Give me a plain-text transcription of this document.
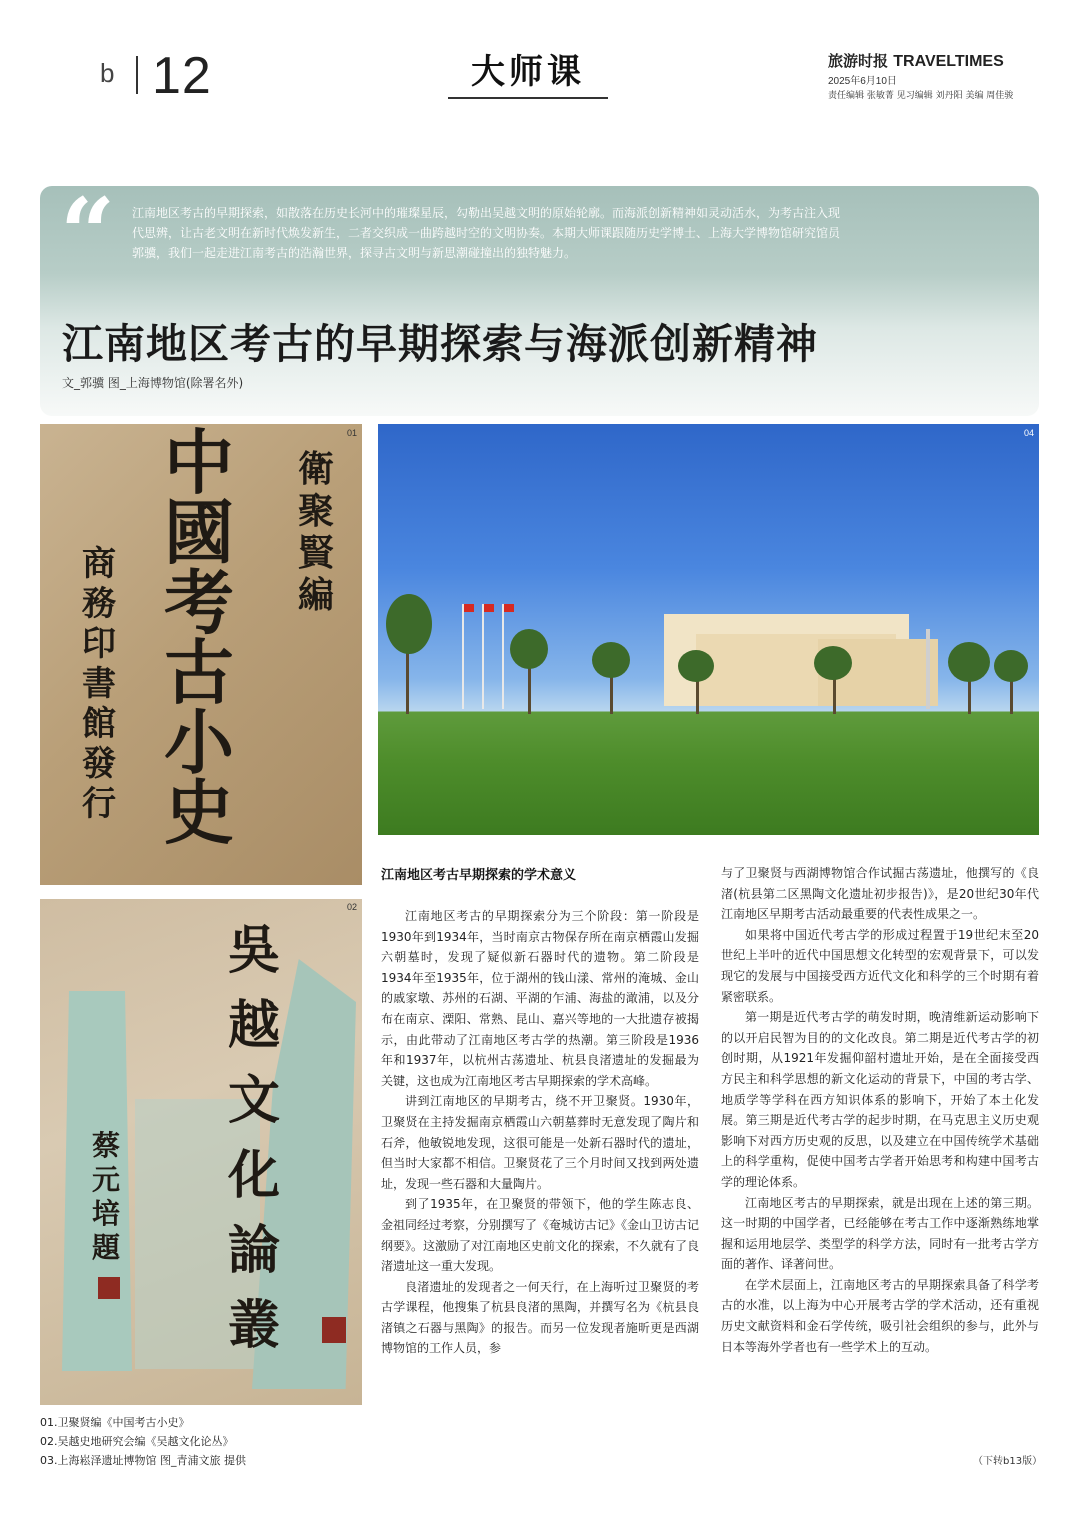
b 12	大师课	旅游时报 TRAVELTIMES
2025年6月10日
责任编辑 张敏菁 见习编辑 刘丹阳 美编 周佳骏
“ 江南地区考古的早期探索，如散落在历史长河中的璀璨星辰，勾勒出吴越文明的原始轮廓。而海派创新精神如灵动活水，为考古注入现代思辨，让古老文明在新时代焕发新生，二者交织成一曲跨越时空的文明协奏。本期大师课跟随历史学博士、上海大学博物馆研究馆员郭骥，我们一起走进江南考古的浩瀚世界，探寻古文明与新思潮碰撞出的独特魅力。
江南地区考古的早期探索与海派创新精神
文_郭骥 图_上海博物馆(除署名外)
中國考古小史
商務印書館發行
衛聚賢編
01
吳越文化論叢
蔡元培題
02
04
01.卫聚贤编《中国考古小史》
02.吴越史地研究会编《吴越文化论丛》
03.上海崧泽遗址博物馆 图_青浦文旅 提供
江南地区考古早期探索的学术意义

江南地区考古的早期探索分为三个阶段：第一阶段是1930年到1934年，当时南京古物保存所在南京栖霞山发掘六朝墓时，发现了疑似新石器时代的遗物。第二阶段是1934年至1935年，位于湖州的钱山漾、常州的淹城、金山的戚家墩、苏州的石湖、平湖的乍浦、海盐的澉浦，以及分布在南京、溧阳、常熟、昆山、嘉兴等地的一大批遗存被揭示，由此带动了江南地区考古学的热潮。第三阶段是1936年和1937年，以杭州古荡遗址、杭县良渚遗址的发掘最为关键，这也成为江南地区考古早期探索的学术高峰。

讲到江南地区的早期考古，绕不开卫聚贤。1930年，卫聚贤在主持发掘南京栖霞山六朝墓葬时无意发现了陶片和石斧，他敏锐地发现，这很可能是一处新石器时代的遗址，但当时大家都不相信。卫聚贤花了三个月时间又找到两处遗址，发现一些石器和大量陶片。

到了1935年，在卫聚贤的带领下，他的学生陈志良、金祖同经过考察，分别撰写了《奄城访古记》《金山卫访古记纲要》。这激励了对江南地区史前文化的探索，不久就有了良渚遗址这一重大发现。

良渚遗址的发现者之一何天行，在上海听过卫聚贤的考古学课程，他搜集了杭县良渚的黑陶，并撰写名为《杭县良渚镇之石器与黑陶》的报告。而另一位发现者施昕更是西湖博物馆的工作人员，参

与了卫聚贤与西湖博物馆合作试掘古荡遗址，他撰写的《良渚(杭县第二区黑陶文化遗址初步报告)》，是20世纪30年代江南地区早期考古活动最重要的代表性成果之一。

如果将中国近代考古学的形成过程置于19世纪末至20世纪上半叶的近代中国思想文化转型的宏观背景下，可以发现它的发展与中国接受西方近代文化和科学的三个时期有着紧密联系。

第一期是近代考古学的萌发时期，晚清维新运动影响下的以开启民智为目的的文化改良。第二期是近代考古学的初创时期，从1921年发掘仰韶村遗址开始，是在全面接受西方民主和科学思想的新文化运动的背景下，中国的考古学、地质学等学科在西方知识体系的影响下，开始了本土化发展。第三期是近代考古学的起步时期，在马克思主义历史观影响下对西方历史观的反思，以及建立在中国传统学术基础上的科学重构，促使中国考古学者开始思考和构建中国考古学的理论体系。

江南地区考古的早期探索，就是出现在上述的第三期。这一时期的中国学者，已经能够在考古工作中逐渐熟练地掌握和运用地层学、类型学的科学方法，同时有一批考古学方面的著作、译著问世。

在学术层面上，江南地区考古的早期探索具备了科学考古的水准，以上海为中心开展考古学的学术活动，还有重视历史文献资料和金石学传统，吸引社会组织的参与，此外与日本等海外学者也有一些学术上的互动。

（下转b13版）
